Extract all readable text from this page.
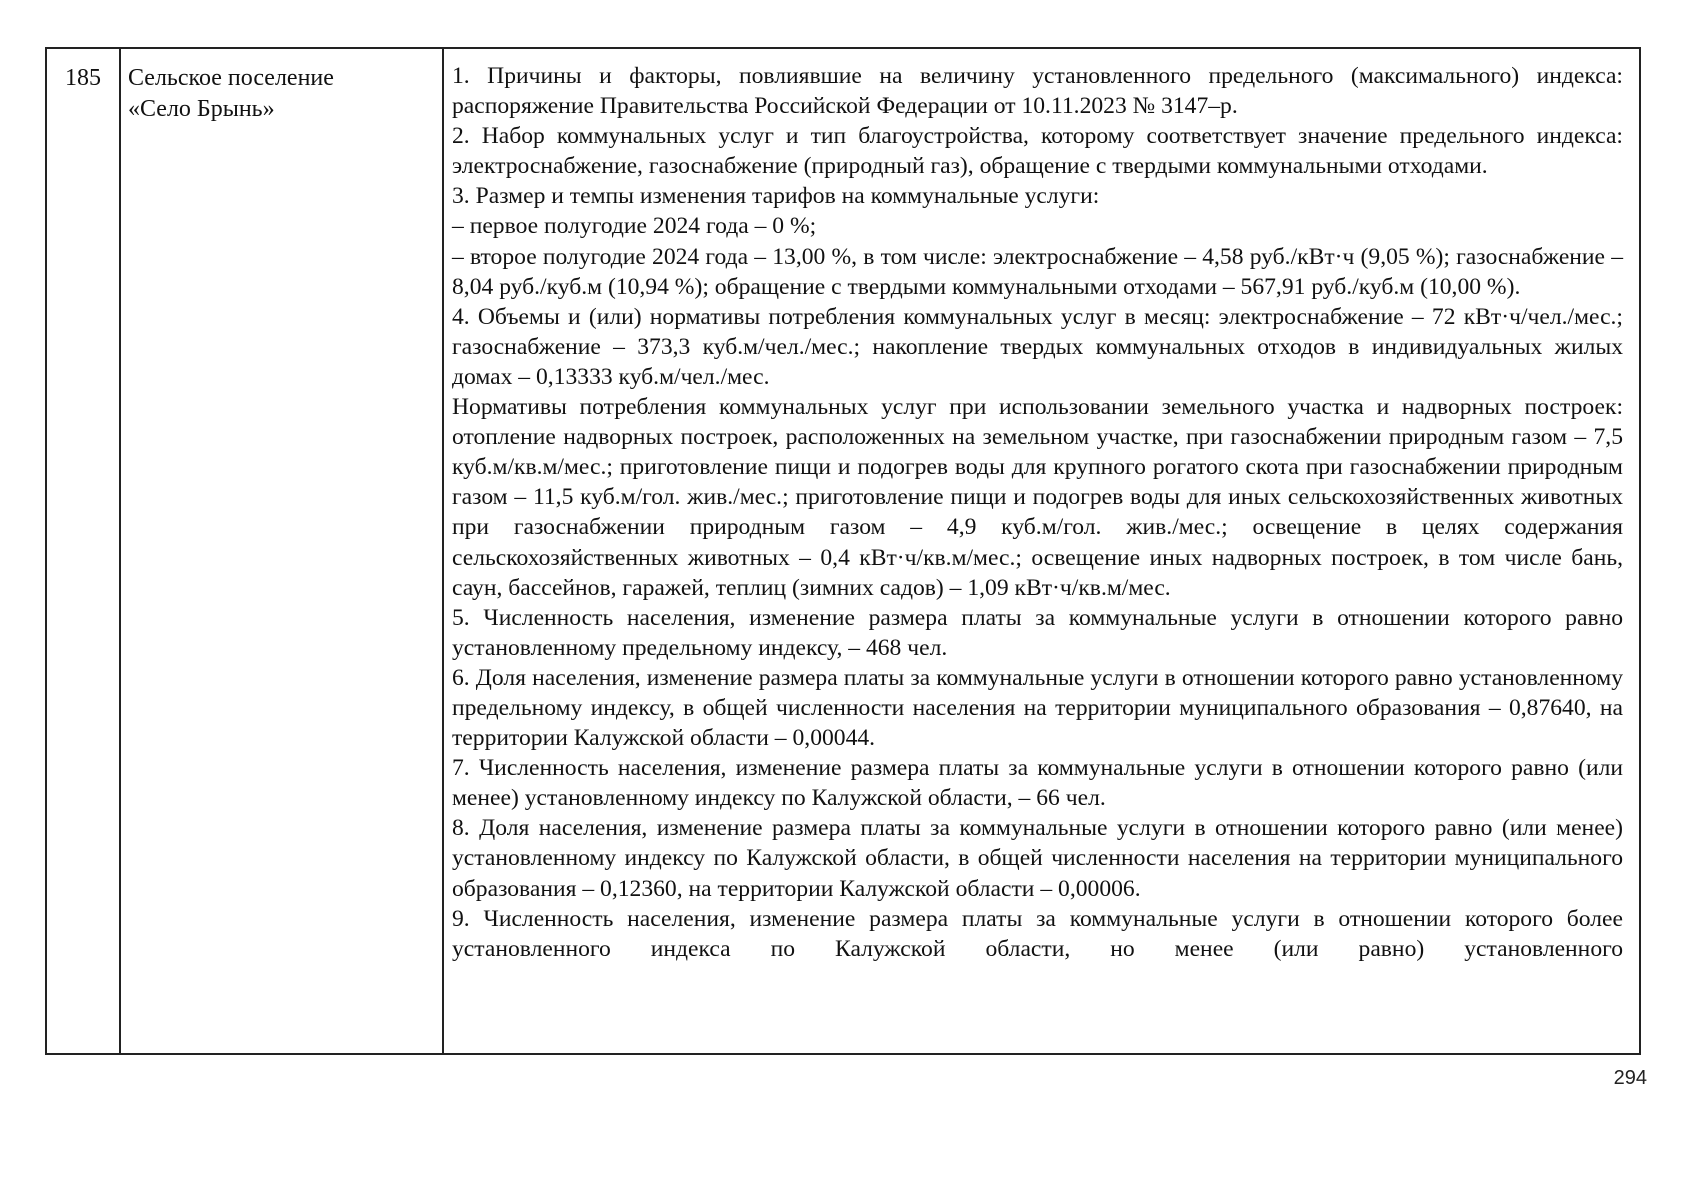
185	Сельское поселение
«Село Брынь»

1. Причины и факторы, повлиявшие на величину установленного предельного (максимального) индекса: распоряжение Правительства Российской Федерации от 10.11.2023 № 3147–р.

2. Набор коммунальных услуг и тип благоустройства, которому соответствует значение предельного индекса: электроснабжение, газоснабжение (природный газ), обращение с твердыми коммунальными отходами.

3. Размер и темпы изменения тарифов на коммунальные услуги:

– первое полугодие 2024 года – 0 %;

– второе полугодие 2024 года – 13,00 %, в том числе: электроснабжение – 4,58 руб./кВт·ч (9,05 %); газоснабжение – 8,04 руб./куб.м (10,94 %); обращение с твердыми коммунальными отходами – 567,91 руб./куб.м (10,00 %).

4. Объемы и (или) нормативы потребления коммунальных услуг в месяц: электроснабжение – 72 кВт·ч/чел./мес.; газоснабжение – 373,3 куб.м/чел./мес.; накопление твердых коммунальных отходов в индивидуальных жилых домах – 0,13333 куб.м/чел./мес.

Нормативы потребления коммунальных услуг при использовании земельного участка и надворных построек: отопление надворных построек, расположенных на земельном участке, при газоснабжении природным газом – 7,5 куб.м/кв.м/мес.; приготовление пищи и подогрев воды для крупного рогатого скота при газоснабжении природным газом – 11,5 куб.м/гол. жив./мес.; приготовление пищи и подогрев воды для иных сельскохозяйственных животных при газоснабжении природным газом – 4,9 куб.м/гол. жив./мес.; освещение в целях содержания сельскохозяйственных животных – 0,4 кВт·ч/кв.м/мес.; освещение иных надворных построек, в том числе бань, саун, бассейнов, гаражей, теплиц (зимних садов) – 1,09 кВт·ч/кв.м/мес.

5. Численность населения, изменение размера платы за коммунальные услуги в отношении которого равно установленному предельному индексу, – 468 чел.

6. Доля населения, изменение размера платы за коммунальные услуги в отношении которого равно установленному предельному индексу, в общей численности населения на территории муниципального образования – 0,87640, на территории Калужской области – 0,00044.

7. Численность населения, изменение размера платы за коммунальные услуги в отношении которого равно (или менее) установленному индексу по Калужской области, – 66 чел.

8. Доля населения, изменение размера платы за коммунальные услуги в отношении которого равно (или менее) установленному индексу по Калужской области, в общей численности населения на территории муниципального образования – 0,12360, на территории Калужской области – 0,00006.

9. Численность населения, изменение размера платы за коммунальные услуги в отношении которого более установленного индекса по Калужской области, но менее (или равно) установленного

294
